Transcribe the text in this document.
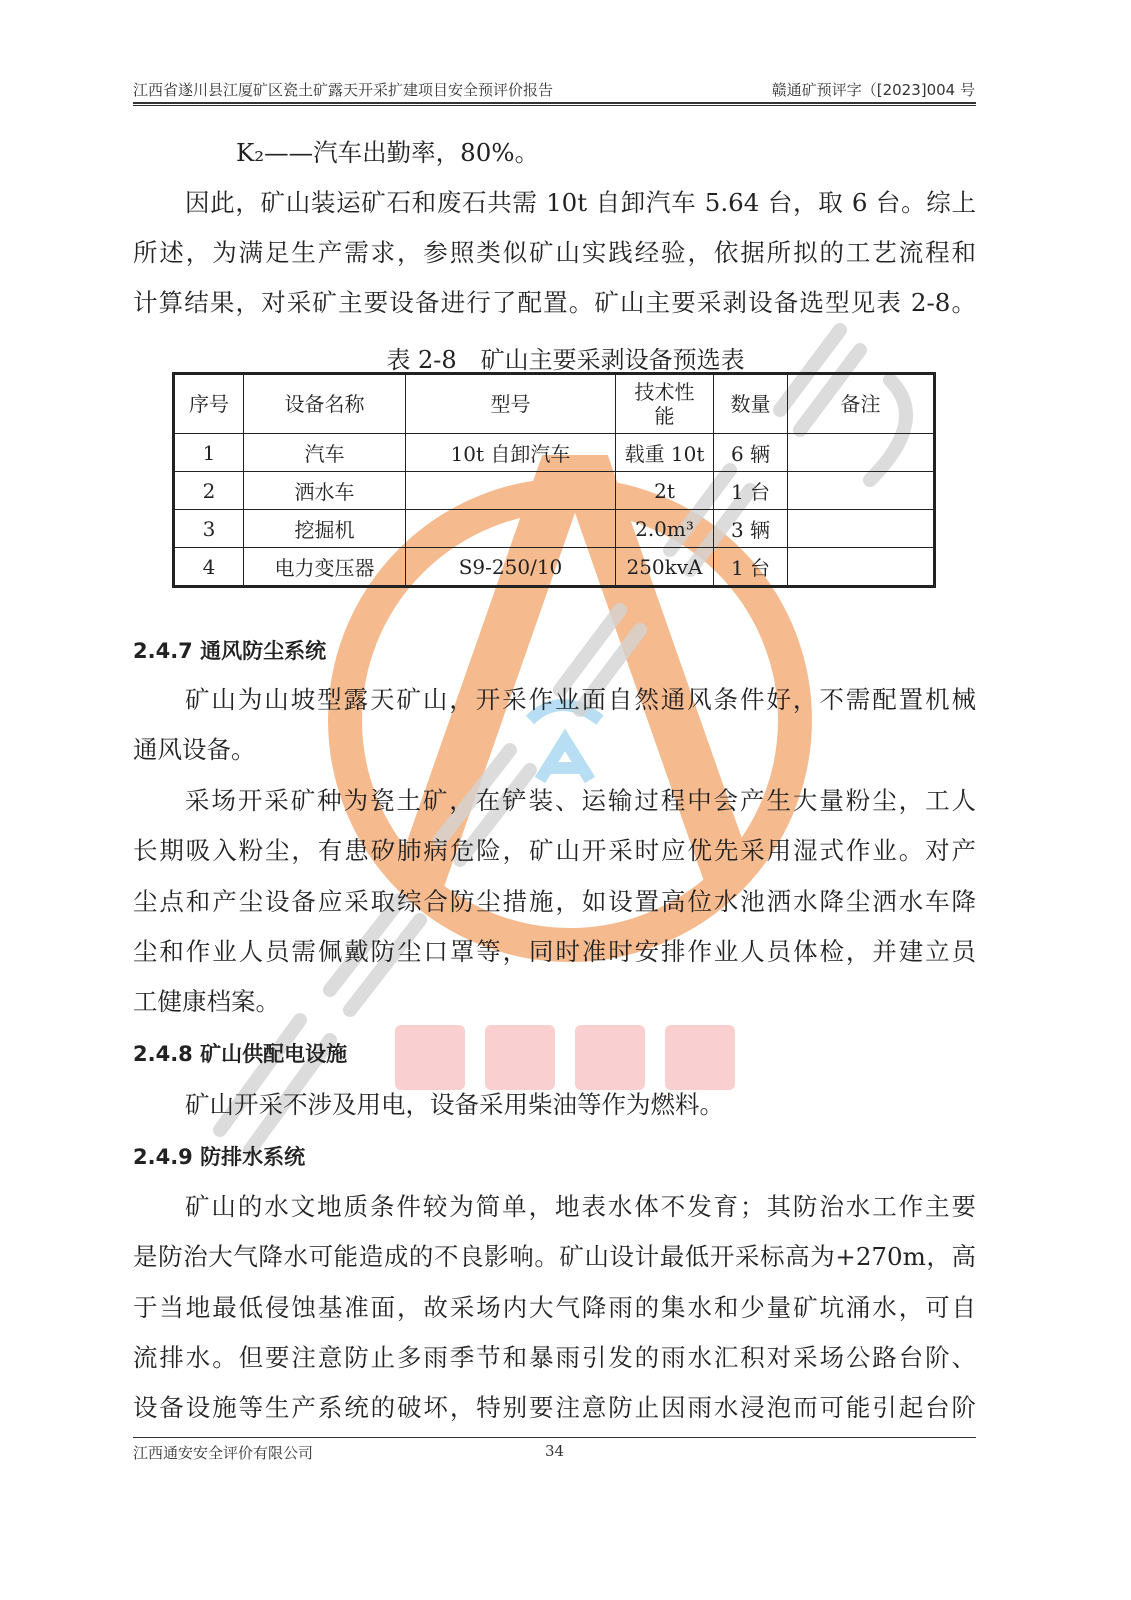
江西省遂川县江厦矿区瓷土矿露天开采扩建项目安全预评价报告	赣通矿预评字（[2023]004 号
K₂——汽车出勤率，80%。
因此，矿山装运矿石和废石共需 10t 自卸汽车 5.64 台，取 6 台。综上
所述，为满足生产需求，参照类似矿山实践经验，依据所拟的工艺流程和
计算结果，对采矿主要设备进行了配置。矿山主要采剥设备选型见表 2-8。
表 2-8　矿山主要采剥设备预选表
序号	设备名称	型号	技术性能	数量	备注
1	汽车	10t 自卸汽车	载重 10t	6 辆	
2	洒水车		2t	1 台	
3	挖掘机		2.0m³	3 辆	
4	电力变压器	S9-250/10	250kvA	1 台	
2.4.7 通风防尘系统
矿山为山坡型露天矿山，开采作业面自然通风条件好，不需配置机械
通风设备。
采场开采矿种为瓷土矿，在铲装、运输过程中会产生大量粉尘，工人
长期吸入粉尘，有患矽肺病危险，矿山开采时应优先采用湿式作业。对产
尘点和产尘设备应采取综合防尘措施，如设置高位水池洒水降尘洒水车降
尘和作业人员需佩戴防尘口罩等，同时准时安排作业人员体检，并建立员
工健康档案。
2.4.8 矿山供配电设施
矿山开采不涉及用电，设备采用柴油等作为燃料。
2.4.9 防排水系统
矿山的水文地质条件较为简单，地表水体不发育；其防治水工作主要
是防治大气降水可能造成的不良影响。矿山设计最低开采标高为+270m，高
于当地最低侵蚀基准面，故采场内大气降雨的集水和少量矿坑涌水，可自
流排水。但要注意防止多雨季节和暴雨引发的雨水汇积对采场公路台阶、
设备设施等生产系统的破坏，特别要注意防止因雨水浸泡而可能引起台阶
江西通安安全评价有限公司	34
